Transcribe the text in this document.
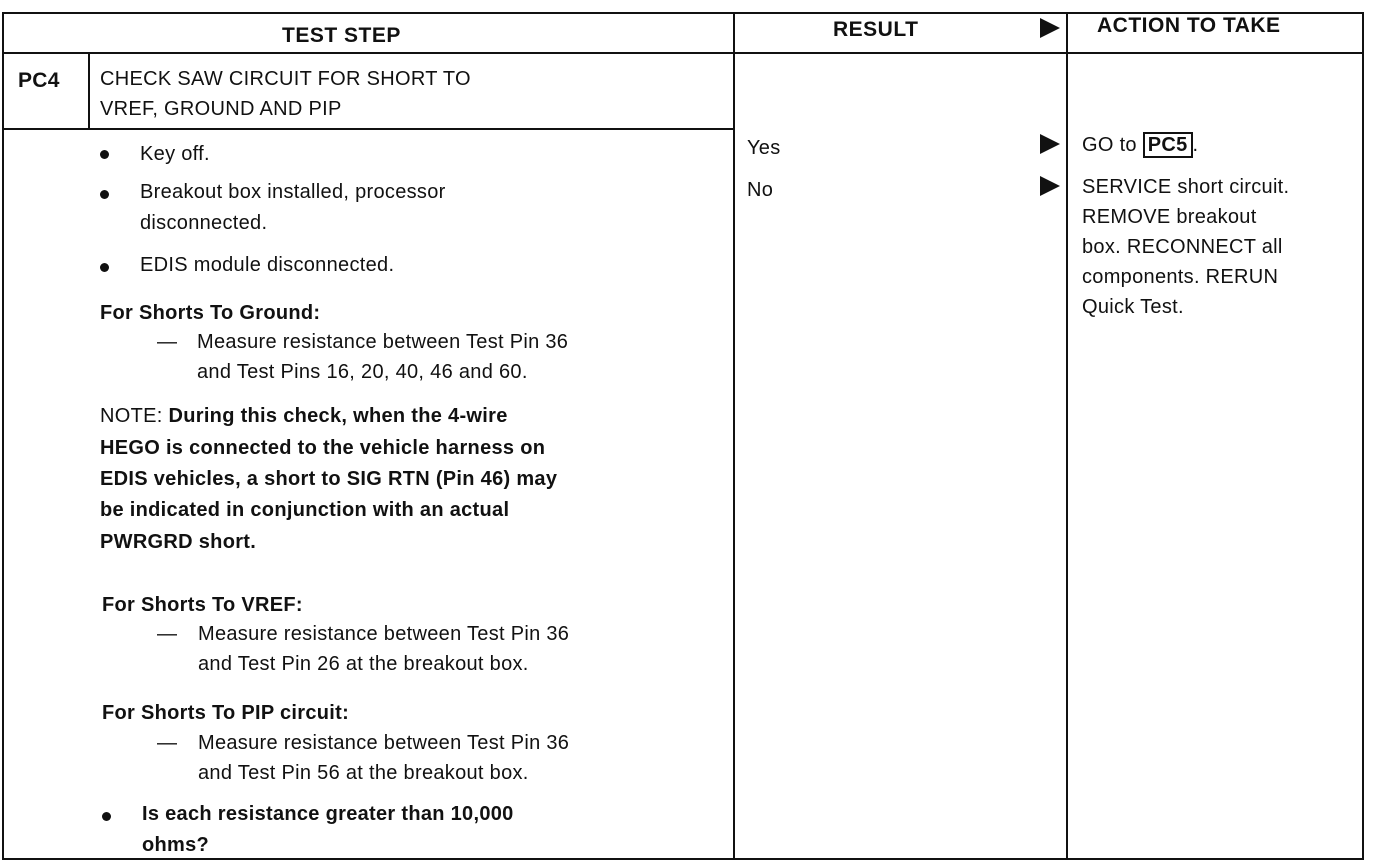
TEST STEP	RESULT	ACTION TO TAKE
PC4 CHECK SAW CIRCUIT FOR SHORT TO
VREF, GROUND AND PIP
Key off.
Breakout box installed, processor
disconnected.
EDIS module disconnected.
For Shorts To Ground:
— Measure resistance between Test Pin 36
and Test Pins 16, 20, 40, 46 and 60.
NOTE: During this check, when the 4-wire
HEGO is connected to the vehicle harness on
EDIS vehicles, a short to SIG RTN (Pin 46) may
be indicated in conjunction with an actual
PWRGRD short.
For Shorts To VREF:
— Measure resistance between Test Pin 36
and Test Pin 26 at the breakout box.
For Shorts To PIP circuit:
— Measure resistance between Test Pin 36
and Test Pin 56 at the breakout box.
Is each resistance greater than 10,000
ohms?
Yes
No
GO to PC5 .
SERVICE short circuit.
REMOVE breakout
box. RECONNECT all
components. RERUN
Quick Test.
